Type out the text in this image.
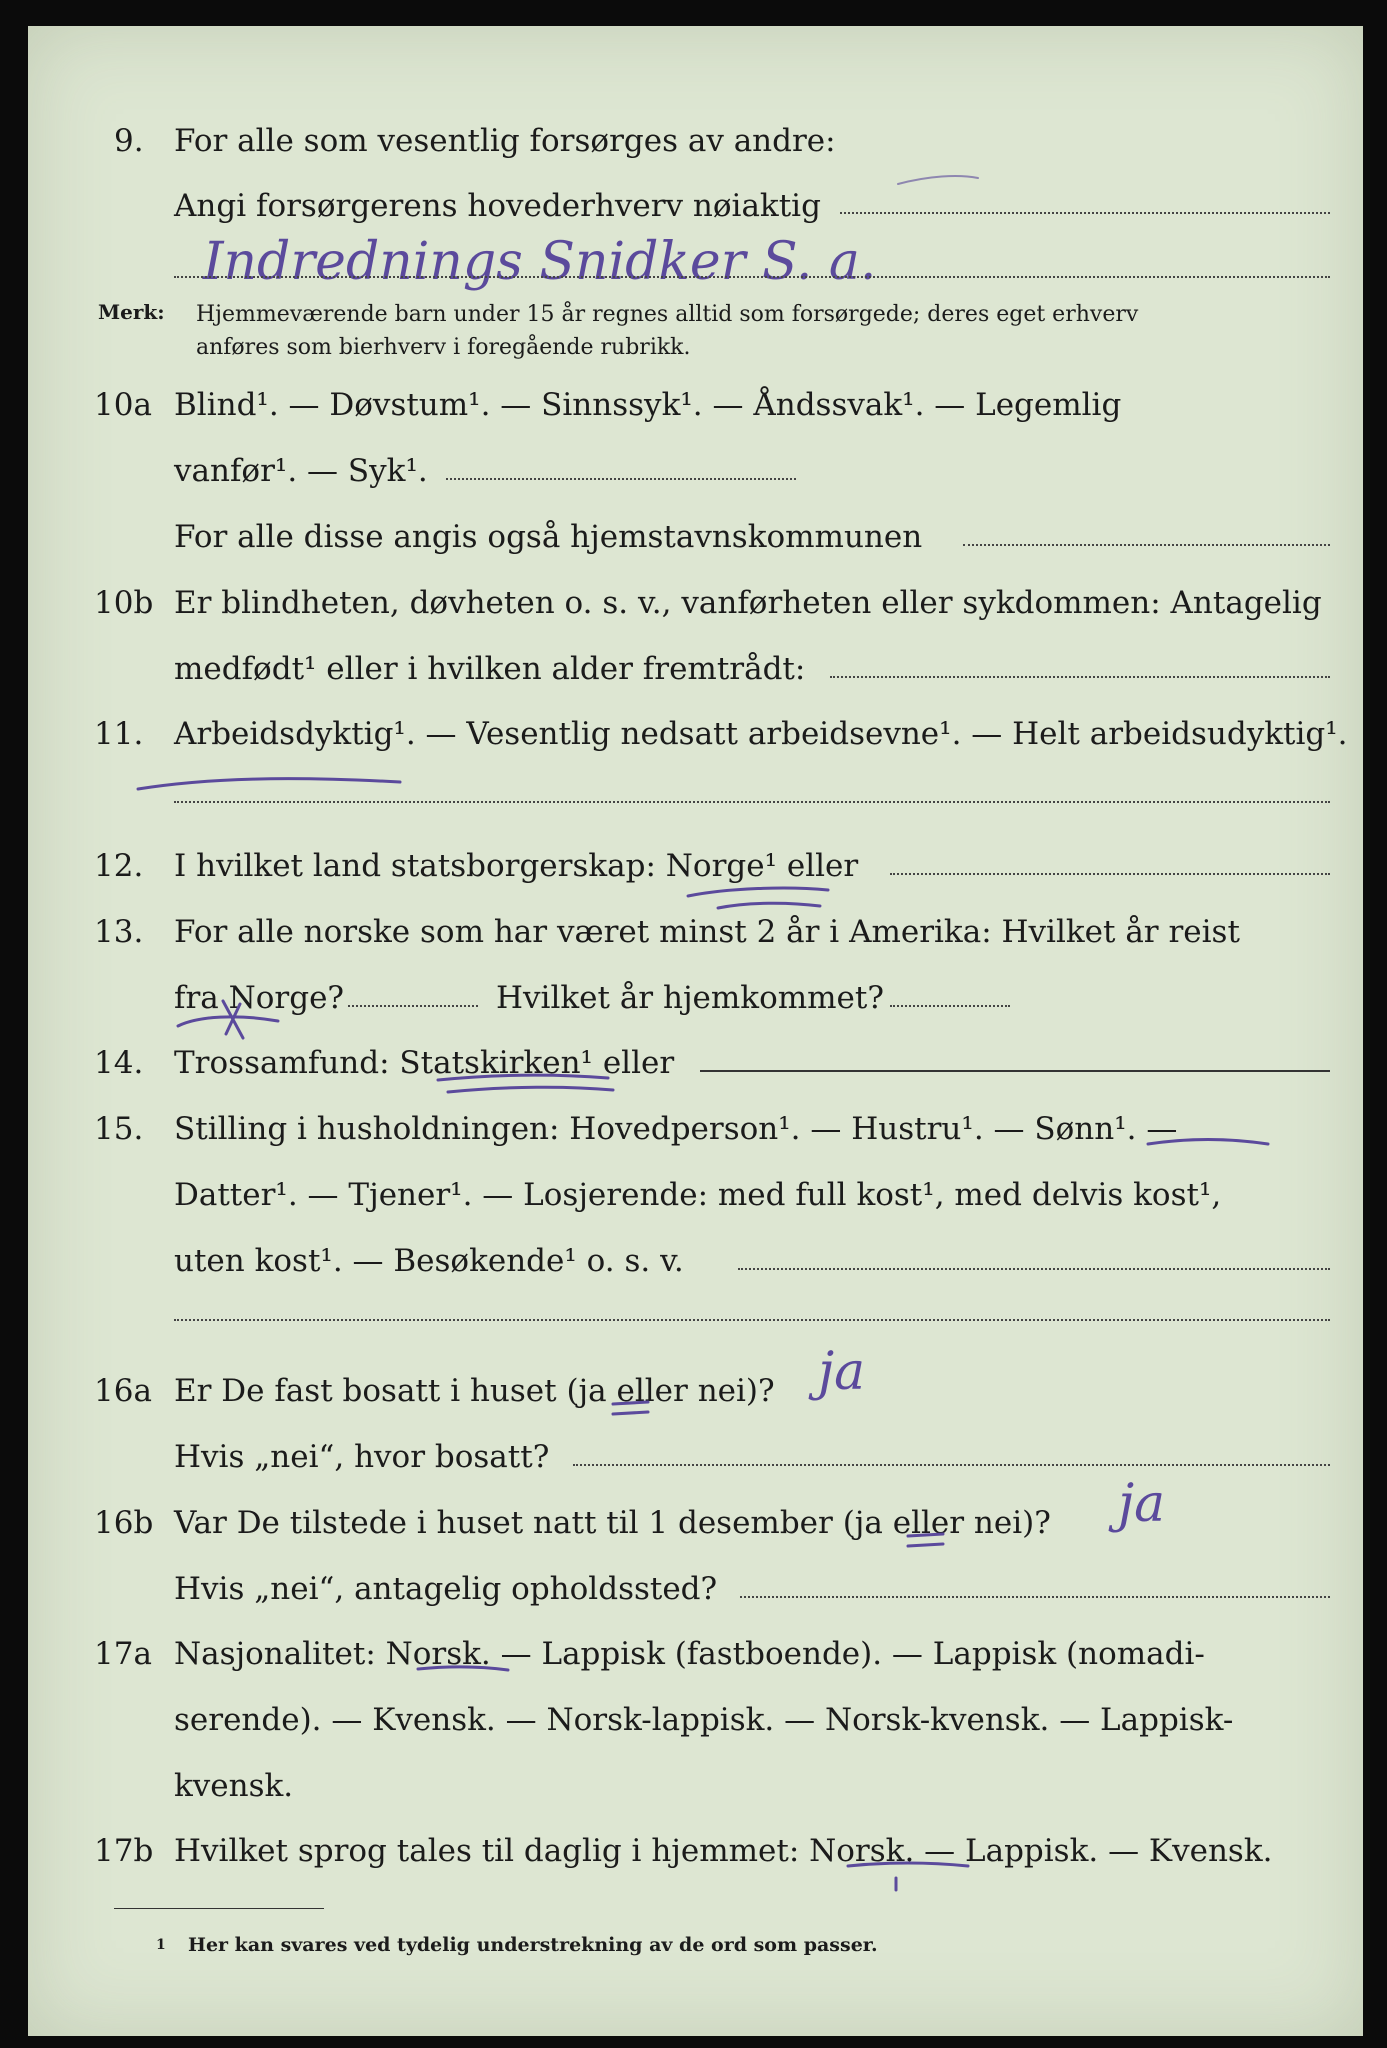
9. For alle som vesentlig forsørges av andre:
Angi forsørgerens hovederhverv nøiaktig
Indrednings Snidker S. a.
Merk: Hjemmeværende barn under 15 år regnes alltid som forsørgede; deres eget erhverv
anføres som bierhverv i foregående rubrikk.
10a Blind¹. — Døvstum¹. — Sinnssyk¹. — Åndssvak¹. — Legemlig
vanfør¹. — Syk¹.
For alle disse angis også hjemstavnskommunen
10b Er blindheten, døvheten o. s. v., vanførheten eller sykdommen: Antagelig
medfødt¹ eller i hvilken alder fremtrådt:
11. Arbeidsdyktig¹. — Vesentlig nedsatt arbeidsevne¹. — Helt arbeidsudyktig¹.
12. I hvilket land statsborgerskap: Norge¹ eller
13. For alle norske som har været minst 2 år i Amerika: Hvilket år reist
fra Norge?	Hvilket år hjemkommet?
14. Trossamfund: Statskirken¹ eller
15. Stilling i husholdningen: Hovedperson¹. — Hustru¹. — Sønn¹. —
Datter¹. — Tjener¹. — Losjerende: med full kost¹, med delvis kost¹,
uten kost¹. — Besøkende¹ o. s. v.
16a Er De fast bosatt i huset (ja eller nei)? ja
Hvis „nei“, hvor bosatt?
16b Var De tilstede i huset natt til 1 desember (ja eller nei)? ja
Hvis „nei“, antagelig opholdssted?
17a Nasjonalitet: Norsk. — Lappisk (fastboende). — Lappisk (nomadi-
serende). — Kvensk. — Norsk-lappisk. — Norsk-kvensk. — Lappisk-
kvensk.
17b Hvilket sprog tales til daglig i hjemmet: Norsk. — Lappisk. — Kvensk.
1 Her kan svares ved tydelig understrekning av de ord som passer.
